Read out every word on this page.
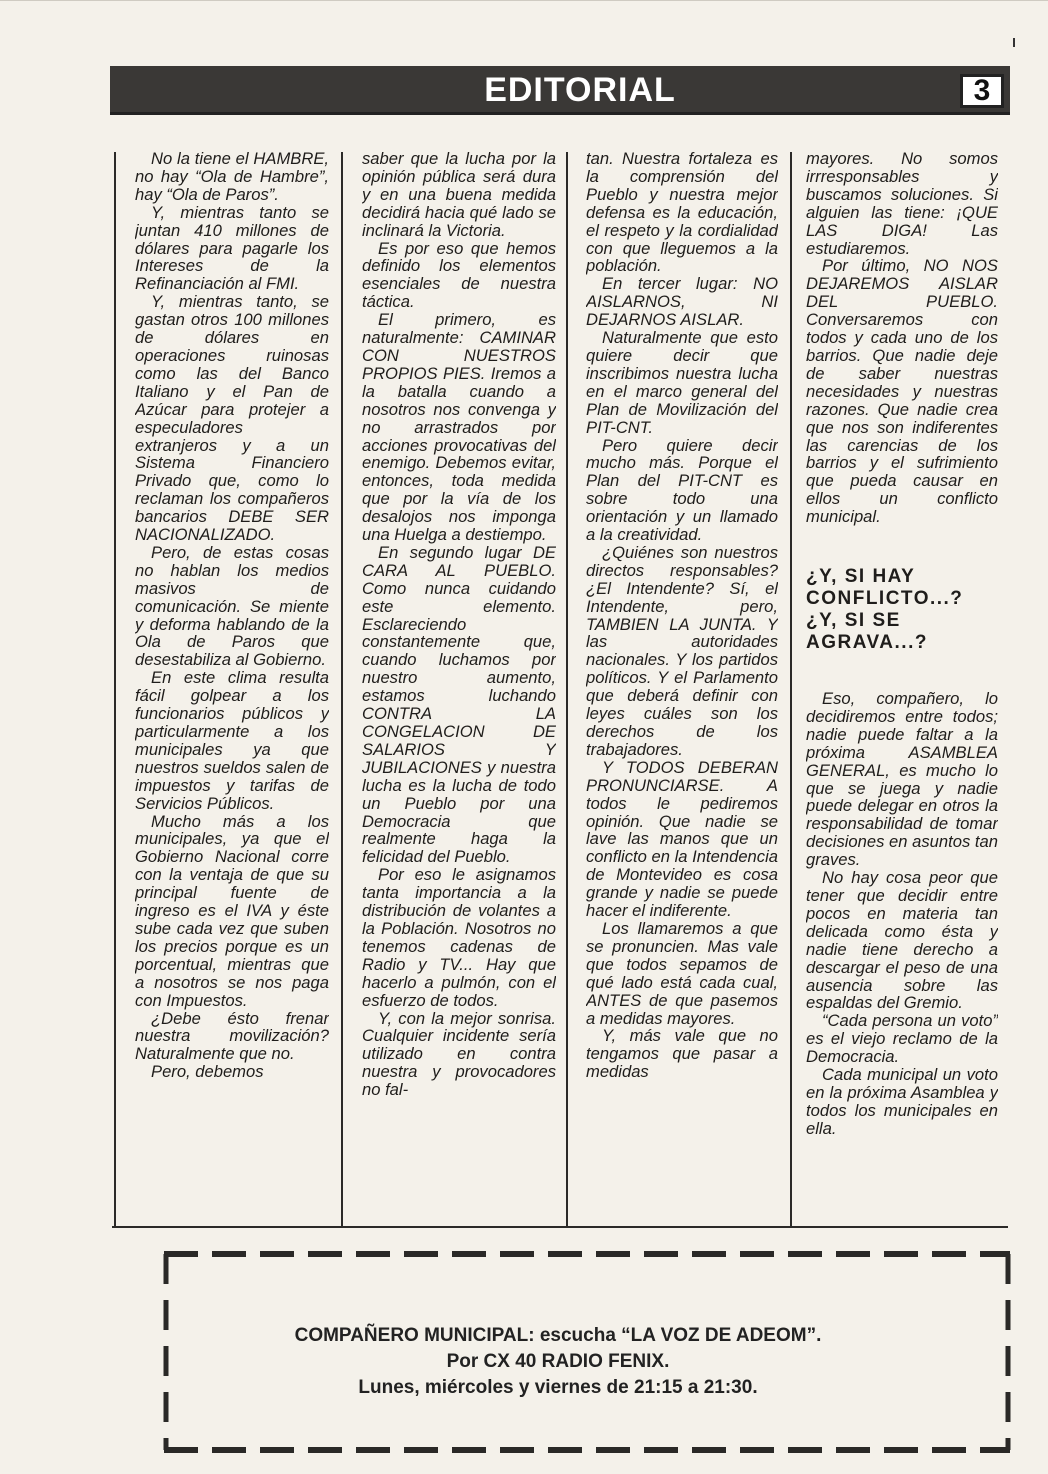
EDITORIAL	3

No la tiene el HAMBRE, no hay “Ola de Hambre”, hay “Ola de Paros”.

Y, mientras tanto se juntan 410 millones de dólares para pagarle los Intereses de la Refinanciación al FMI.

Y, mientras tanto, se gastan otros 100 millones de dólares en operaciones ruinosas como las del Banco Italiano y el Pan de Azúcar para protejer a especuladores extranjeros y a un Sistema Financiero Privado que, como lo reclaman los compañeros bancarios DEBE SER NACIONALIZADO.

Pero, de estas cosas no hablan los medios masivos de comunicación. Se miente y deforma hablando de la Ola de Paros que desestabiliza al Gobierno.

En este clima resulta fácil golpear a los funcionarios públicos y particularmente a los municipales ya que nuestros sueldos salen de impuestos y tarifas de Servicios Públicos.

Mucho más a los municipales, ya que el Gobierno Nacional corre con la ventaja de que su principal fuente de ingreso es el IVA y éste sube cada vez que suben los precios porque es un porcentual, mientras que a nosotros se nos paga con Impuestos.

¿Debe ésto frenar nuestra movilización? Naturalmente que no.

Pero, debemos

saber que la lucha por la opinión pública será dura y en una buena medida decidirá hacia qué lado se inclinará la Victoria.

Es por eso que hemos definido los elementos esenciales de nuestra táctica.

El primero, es naturalmente: CAMINAR CON NUESTROS PROPIOS PIES. Iremos a la batalla cuando a nosotros nos convenga y no arrastrados por acciones provocativas del enemigo. Debemos evitar, entonces, toda medida que por la vía de los desalojos nos imponga una Huelga a destiempo.

En segundo lugar DE CARA AL PUEBLO. Como nunca cuidando este elemento. Esclareciendo constantemente que, cuando luchamos por nuestro aumento, estamos luchando CONTRA LA CONGELACION DE SALARIOS Y JUBILACIONES y nuestra lucha es la lucha de todo un Pueblo por una Democracia que realmente haga la felicidad del Pueblo.

Por eso le asignamos tanta importancia a la distribución de volantes a la Población. Nosotros no tenemos cadenas de Radio y TV... Hay que hacerlo a pulmón, con el esfuerzo de todos.

Y, con la mejor sonrisa. Cualquier incidente sería utilizado en contra nuestra y provocadores no fal-

tan. Nuestra fortaleza es la comprensión del Pueblo y nuestra mejor defensa es la educación, el respeto y la cordialidad con que lleguemos a la población.

En tercer lugar: NO AISLARNOS, NI DEJARNOS AISLAR.

Naturalmente que esto quiere decir que inscribimos nuestra lucha en el marco general del Plan de Movilización del PIT-CNT.

Pero quiere decir mucho más. Porque el Plan del PIT-CNT es sobre todo una orientación y un llamado a la creatividad.

¿Quiénes son nuestros directos responsables? ¿El Intendente? Sí, el Intendente, pero, TAMBIEN LA JUNTA. Y las autoridades nacionales. Y los partidos políticos. Y el Parlamento que deberá definir con leyes cuáles son los derechos de los trabajadores.

Y TODOS DEBERAN PRONUNCIARSE. A todos le pediremos opinión. Que nadie se lave las manos que un conflicto en la Intendencia de Montevideo es cosa grande y nadie se puede hacer el indiferente.

Los llamaremos a que se pronuncien. Mas vale que todos sepamos de qué lado está cada cual, ANTES de que pasemos a medidas mayores.

Y, más vale que no tengamos que pasar a medidas

mayores. No somos irrresponsables y buscamos soluciones. Si alguien las tiene: ¡QUE LAS DIGA! Las estudiaremos.

Por último, NO NOS DEJAREMOS AISLAR DEL PUEBLO. Conversaremos con todos y cada uno de los barrios. Que nadie deje de saber nuestras necesidades y nuestras razones. Que nadie crea que nos son indiferentes las carencias de los barrios y el sufrimiento que pueda causar en ellos un conflicto municipal.

¿Y, SI HAY CONFLICTO...? ¿Y, SI SE AGRAVA...?

Eso, compañero, lo decidiremos entre todos; nadie puede faltar a la próxima ASAMBLEA GENERAL, es mucho lo que se juega y nadie puede delegar en otros la responsabilidad de tomar decisiones en asuntos tan graves.

No hay cosa peor que tener que decidir entre pocos en materia tan delicada como ésta y nadie tiene derecho a descargar el peso de una ausencia sobre las espaldas del Gremio.

“Cada persona un voto” es el viejo reclamo de la Democracia.

Cada municipal un voto en la próxima Asamblea y todos los municipales en ella.

COMPAÑERO MUNICIPAL: escucha “LA VOZ DE ADEOM”.
Por CX 40 RADIO FENIX.
Lunes, miércoles y viernes de 21:15 a 21:30.
